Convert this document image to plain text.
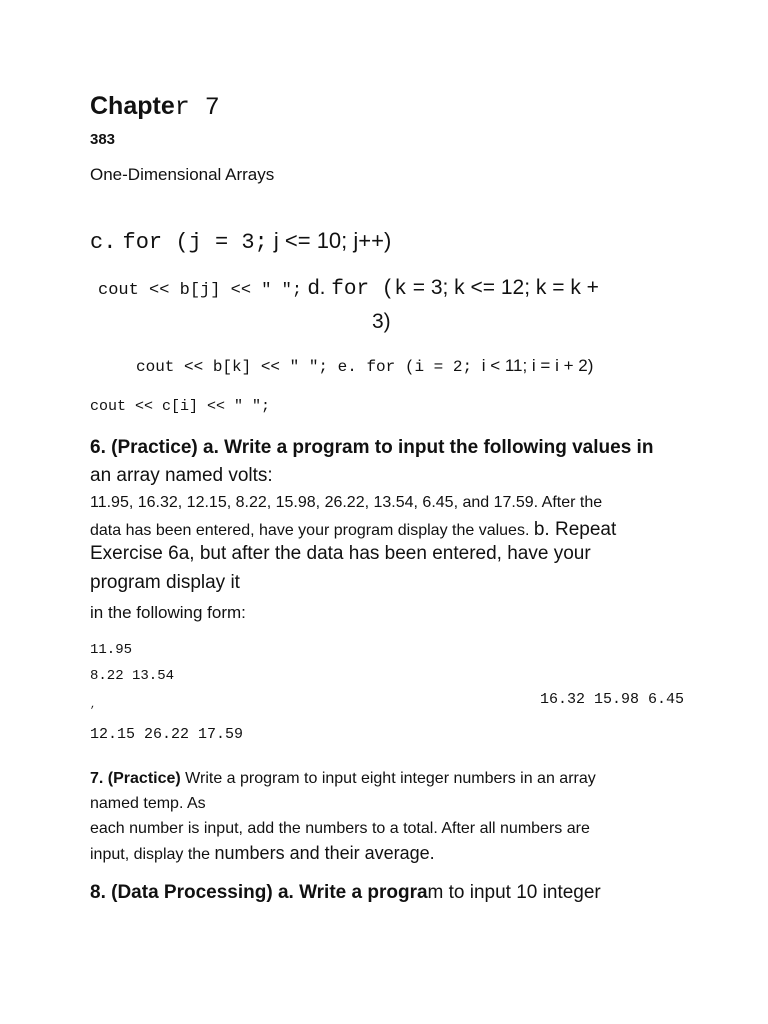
Chapter 7
383
One-Dimensional Arrays
c. for (j = 3; j <= 10; j++)
cout << b[j] << " "; d. for (k = 3; k <= 12; k = k +
3)
cout << b[k] << " "; e. for (i = 2; i < 11; i = i + 2)
cout << c[i] << " ";
6. (Practice) a. Write a program to input the following values in
an array named volts:
11.95, 16.32, 12.15, 8.22, 15.98, 26.22, 13.54, 6.45, and 17.59. After the
data has been entered, have your program display the values. b. Repeat
Exercise 6a, but after the data has been entered, have your
program display it
in the following form:
11.95
8.22 13.54
16.32 15.98 6.45
,
12.15 26.22 17.59
7. (Practice) Write a program to input eight integer numbers in an array
named temp. As
each number is input, add the numbers to a total. After all numbers are
input, display the numbers and their average.
8. (Data Processing) a. Write a program to input 10 integer
